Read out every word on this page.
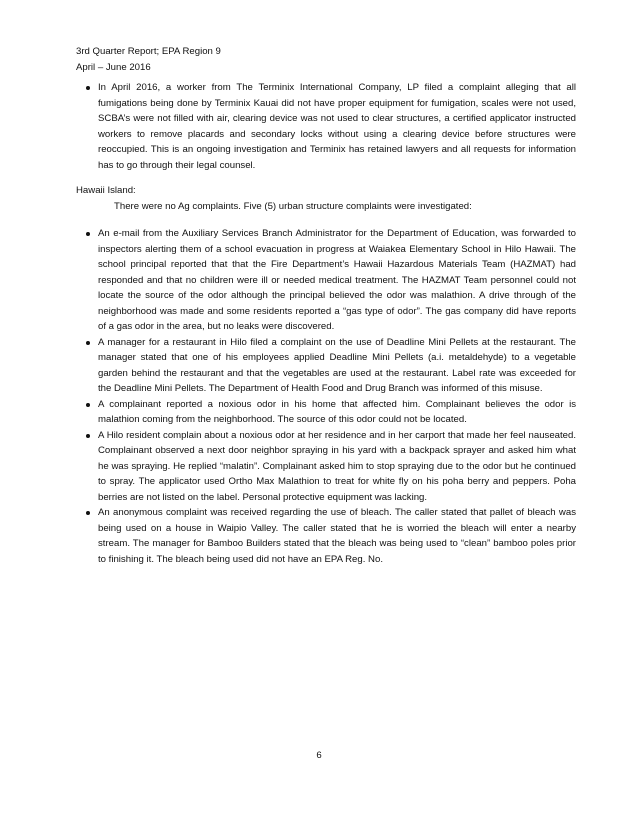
3rd Quarter Report; EPA Region 9
April – June 2016

In April 2016, a worker from The Terminix International Company, LP filed a complaint alleging that all fumigations being done by Terminix Kauai did not have proper equipment for fumigation, scales were not used, SCBA’s were not filled with air, clearing device was not used to clear structures, a certified applicator instructed workers to remove placards and secondary locks without using a clearing device before structures were reoccupied. This is an ongoing investigation and Terminix has retained lawyers and all requests for information has to go through their legal counsel.

Hawaii Island:
There were no Ag complaints. Five (5) urban structure complaints were investigated:

An e-mail from the Auxiliary Services Branch Administrator for the Department of Education, was forwarded to inspectors alerting them of a school evacuation in progress at Waiakea Elementary School in Hilo Hawaii. The school principal reported that that the Fire Department’s Hawaii Hazardous Materials Team (HAZMAT) had responded and that no children were ill or needed medical treatment. The HAZMAT Team personnel could not locate the source of the odor although the principal believed the odor was malathion. A drive through of the neighborhood was made and some residents reported a “gas type of odor”. The gas company did have reports of a gas odor in the area, but no leaks were discovered.

A manager for a restaurant in Hilo filed a complaint on the use of Deadline Mini Pellets at the restaurant. The manager stated that one of his employees applied Deadline Mini Pellets (a.i. metaldehyde) to a vegetable garden behind the restaurant and that the vegetables are used at the restaurant. Label rate was exceeded for the Deadline Mini Pellets. The Department of Health Food and Drug Branch was informed of this misuse.

A complainant reported a noxious odor in his home that affected him. Complainant believes the odor is malathion coming from the neighborhood. The source of this odor could not be located.

A Hilo resident complain about a noxious odor at her residence and in her carport that made her feel nauseated. Complainant observed a next door neighbor spraying in his yard with a backpack sprayer and asked him what he was spraying. He replied “malatin”. Complainant asked him to stop spraying due to the odor but he continued to spray. The applicator used Ortho Max Malathion to treat for white fly on his poha berry and peppers. Poha berries are not listed on the label. Personal protective equipment was lacking.

An anonymous complaint was received regarding the use of bleach. The caller stated that pallet of bleach was being used on a house in Waipio Valley. The caller stated that he is worried the bleach will enter a nearby stream. The manager for Bamboo Builders stated that the bleach was being used to “clean” bamboo poles prior to finishing it. The bleach being used did not have an EPA Reg. No.

6
